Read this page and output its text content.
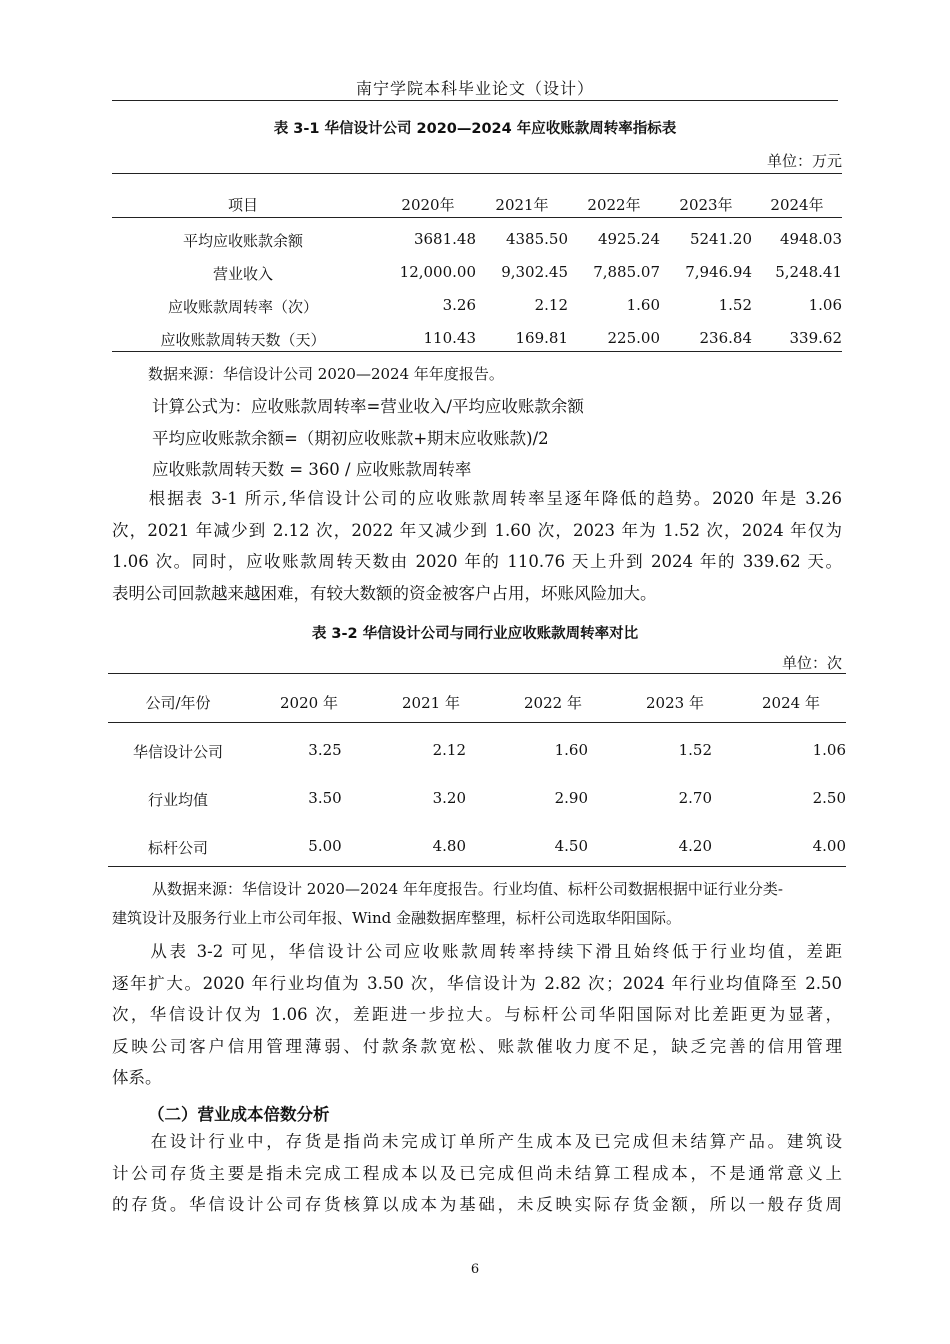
南宁学院本科毕业论文（设计）
表 3-1 华信设计公司 2020—2024 年应收账款周转率指标表
单位：万元
项目	2020年	2021年	2022年	2023年	2024年
平均应收账款余额	3681.48	4385.50	4925.24	5241.20	4948.03
营业收入	12,000.00	9,302.45	7,885.07	7,946.94	5,248.41
应收账款周转率（次）	3.26	2.12	1.60	1.52	1.06
应收账款周转天数（天）	110.43	169.81	225.00	236.84	339.62
数据来源：华信设计公司 2020—2024 年年度报告。
计算公式为：应收账款周转率=营业收入/平均应收账款余额
平均应收账款余额=（期初应收账款+期末应收账款)/2
应收账款周转天数 = 360 / 应收账款周转率
　　根据表 3-1 所示,华信设计公司的应收账款周转率呈逐年降低的趋势。2020 年是 3.26
次，2021 年减少到 2.12 次，2022 年又减少到 1.60 次，2023 年为 1.52 次，2024 年仅为
1.06 次。同时，应收账款周转天数由 2020 年的 110.76 天上升到 2024 年的 339.62 天。
表明公司回款越来越困难，有较大数额的资金被客户占用，坏账风险加大。
表 3-2 华信设计公司与同行业应收账款周转率对比
单位：次
公司/年份	2020 年	2021 年	2022 年	2023 年	2024 年
华信设计公司	3.25	2.12	1.60	1.52	1.06
行业均值	3.50	3.20	2.90	2.70	2.50
标杆公司	5.00	4.80	4.50	4.20	4.00
从数据来源：华信设计 2020—2024 年年度报告。行业均值、标杆公司数据根据中证行业分类-
建筑设计及服务行业上市公司年报、Wind 金融数据库整理，标杆公司选取华阳国际。
　　从表 3-2 可见，华信设计公司应收账款周转率持续下滑且始终低于行业均值，差距
逐年扩大。2020 年行业均值为 3.50 次，华信设计为 2.82 次；2024 年行业均值降至 2.50
次，华信设计仅为 1.06 次，差距进一步拉大。与标杆公司华阳国际对比差距更为显著，
反映公司客户信用管理薄弱、付款条款宽松、账款催收力度不足，缺乏完善的信用管理
体系。
（二）营业成本倍数分析
　　在设计行业中，存货是指尚未完成订单所产生成本及已完成但未结算产品。建筑设
计公司存货主要是指未完成工程成本以及已完成但尚未结算工程成本，不是通常意义上
的存货。华信设计公司存货核算以成本为基础，未反映实际存货金额，所以一般存货周
6
